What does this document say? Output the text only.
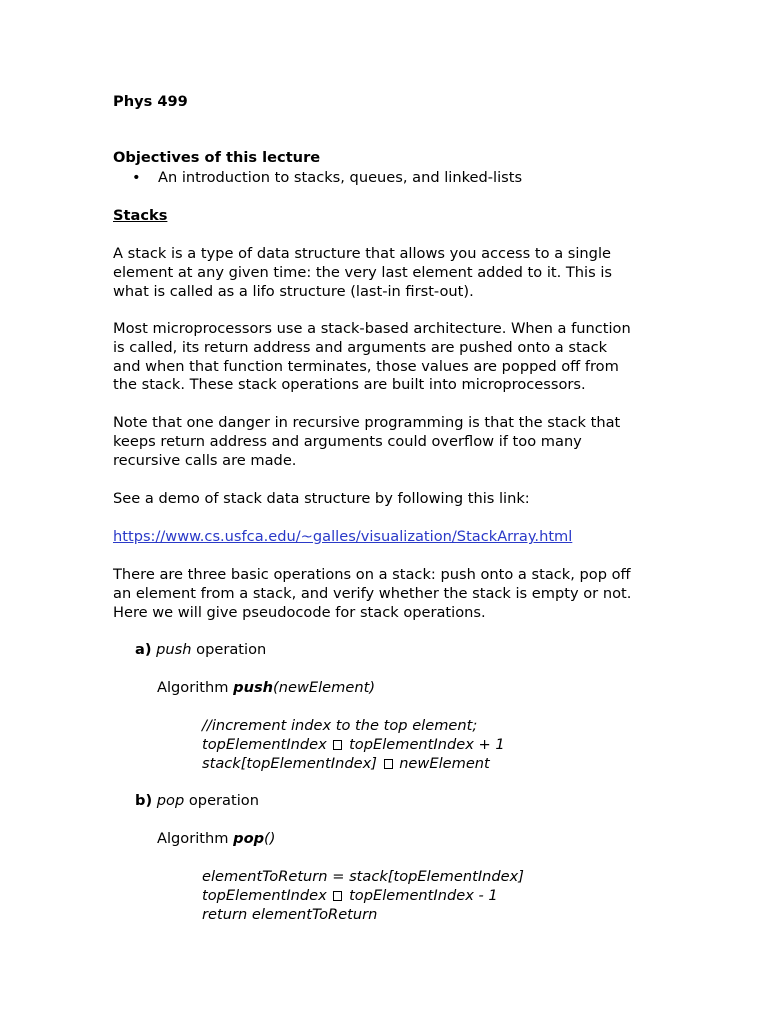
Phys 499
Objectives of this lecture
• An introduction to stacks, queues, and linked-lists
Stacks
A stack is a type of data structure that allows you access to a single
element at any given time: the very last element added to it. This is
what is called as a lifo structure (last-in first-out).
Most microprocessors use a stack-based architecture. When a function
is called, its return address and arguments are pushed onto a stack
and when that function terminates, those values are popped off from
the stack. These stack operations are built into microprocessors.
Note that one danger in recursive programming is that the stack that
keeps return address and arguments could overflow if too many
recursive calls are made.
See a demo of stack data structure by following this link:
https://www.cs.usfca.edu/~galles/visualization/StackArray.html
There are three basic operations on a stack: push onto a stack, pop off
an element from a stack, and verify whether the stack is empty or not.
Here we will give pseudocode for stack operations.
a) push operation
Algorithm push(newElement)
//increment index to the top element;
topElementIndex topElementIndex + 1
stack[topElementIndex] newElement
b) pop operation
Algorithm pop()
elementToReturn = stack[topElementIndex]
topElementIndex topElementIndex - 1
return elementToReturn
